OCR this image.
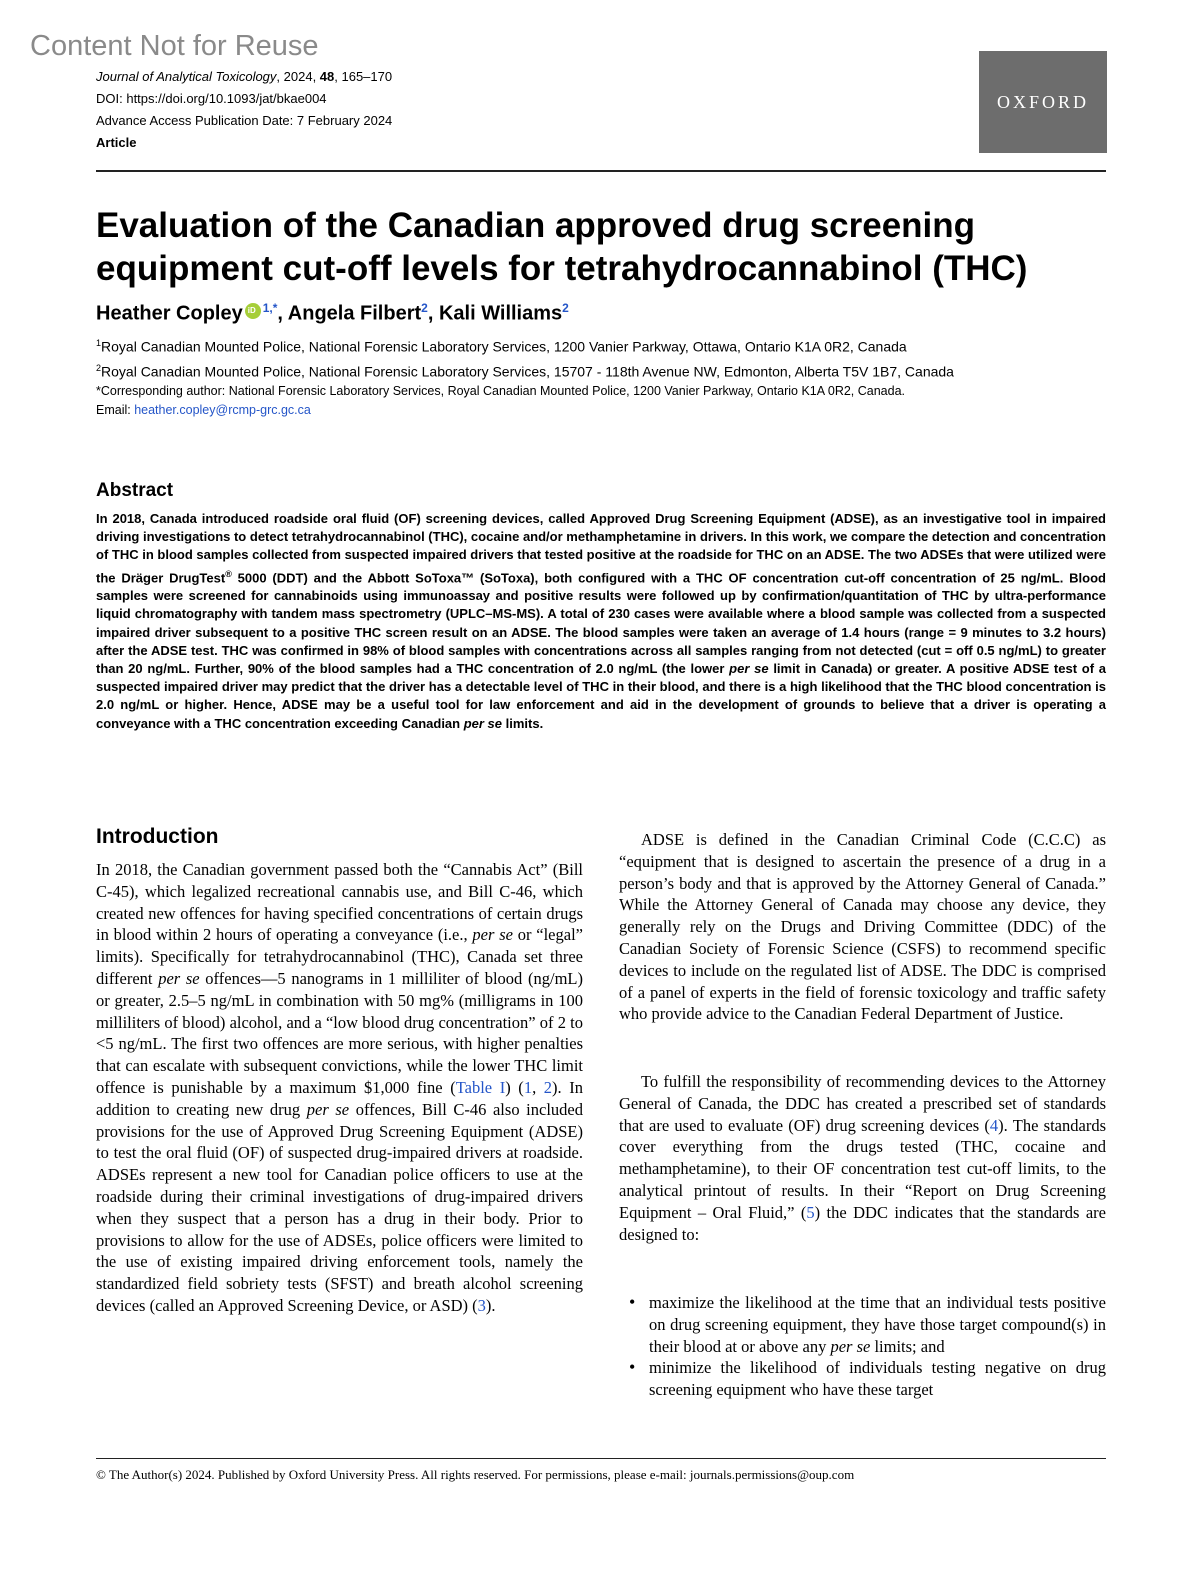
Content Not for Reuse
Journal of Analytical Toxicology, 2024, 48, 165–170
DOI: https://doi.org/10.1093/jat/bkae004
Advance Access Publication Date: 7 February 2024
Article
OXFORD
Evaluation of the Canadian approved drug screening equipment cut-off levels for tetrahydrocannabinol (THC)
Heather CopleyiD $^{1,*}$, Angela Filbert$^2$, Kali Williams$^2$
$^1$Royal Canadian Mounted Police, National Forensic Laboratory Services, 1200 Vanier Parkway, Ottawa, Ontario K1A 0R2, Canada
$^2$Royal Canadian Mounted Police, National Forensic Laboratory Services, 15707 - 118th Avenue NW, Edmonton, Alberta T5V 1B7, Canada
*Corresponding author: National Forensic Laboratory Services, Royal Canadian Mounted Police, 1200 Vanier Parkway, Ontario K1A 0R2, Canada.
Email: heather.copley@rcmp-grc.gc.ca
Abstract

In 2018, Canada introduced roadside oral fluid (OF) screening devices, called Approved Drug Screening Equipment (ADSE), as an investigative tool in impaired driving investigations to detect tetrahydrocannabinol (THC), cocaine and/or methamphetamine in drivers. In this work, we compare the detection and concentration of THC in blood samples collected from suspected impaired drivers that tested positive at the roadside for THC on an ADSE. The two ADSEs that were utilized were the Dräger DrugTest® 5000 (DDT) and the Abbott SoToxa™ (SoToxa), both configured with a THC OF concentration cut-off concentration of 25 ng/mL. Blood samples were screened for cannabinoids using immunoassay and positive results were followed up by confirmation/quantitation of THC by ultra-performance liquid chromatography with tandem mass spectrometry (UPLC–MS-MS). A total of 230 cases were available where a blood sample was collected from a suspected impaired driver subsequent to a positive THC screen result on an ADSE. The blood samples were taken an average of 1.4 hours (range = 9 minutes to 3.2 hours) after the ADSE test. THC was confirmed in 98% of blood samples with concentrations across all samples ranging from not detected (cut = off 0.5 ng/mL) to greater than 20 ng/mL. Further, 90% of the blood samples had a THC concentration of 2.0 ng/mL (the lower per se limit in Canada) or greater. A positive ADSE test of a suspected impaired driver may predict that the driver has a detectable level of THC in their blood, and there is a high likelihood that the THC blood concentration is 2.0 ng/mL or higher. Hence, ADSE may be a useful tool for law enforcement and aid in the development of grounds to believe that a driver is operating a conveyance with a THC concentration exceeding Canadian per se limits.

Introduction

In 2018, the Canadian government passed both the “Cannabis Act” (Bill C-45), which legalized recreational cannabis use, and Bill C-46, which created new offences for having specified concentrations of certain drugs in blood within 2 hours of operating a conveyance (i.e., per se or “legal” limits). Specifically for tetrahydrocannabinol (THC), Canada set three different per se offences—5 nanograms in 1 milliliter of blood (ng/mL) or greater, 2.5–5 ng/mL in combination with 50 mg% (milligrams in 100 milliliters of blood) alcohol, and a “low blood drug concentration” of 2 to <5 ng/mL. The first two offences are more serious, with higher penalties that can escalate with subsequent convictions, while the lower THC limit offence is punishable by a maximum $1,000 fine (Table I) (1, 2). In addition to creating new drug per se offences, Bill C-46 also included provisions for the use of Approved Drug Screening Equipment (ADSE) to test the oral fluid (OF) of suspected drug-impaired drivers at roadside. ADSEs represent a new tool for Canadian police officers to use at the roadside during their criminal investigations of drug-impaired drivers when they suspect that a person has a drug in their body. Prior to provisions to allow for the use of ADSEs, police officers were limited to the use of existing impaired driving enforcement tools, namely the standardized field sobriety tests (SFST) and breath alcohol screening devices (called an Approved Screening Device, or ASD) (3).

ADSE is defined in the Canadian Criminal Code (C.C.C) as “equipment that is designed to ascertain the presence of a drug in a person’s body and that is approved by the Attorney General of Canada.” While the Attorney General of Canada may choose any device, they generally rely on the Drugs and Driving Committee (DDC) of the Canadian Society of Forensic Science (CSFS) to recommend specific devices to include on the regulated list of ADSE. The DDC is comprised of a panel of experts in the field of forensic toxicology and traffic safety who provide advice to the Canadian Federal Department of Justice.

To fulfill the responsibility of recommending devices to the Attorney General of Canada, the DDC has created a prescribed set of standards that are used to evaluate (OF) drug screening devices (4). The standards cover everything from the drugs tested (THC, cocaine and methamphetamine), to their OF concentration test cut-off limits, to the analytical printout of results. In their “Report on Drug Screening Equipment – Oral Fluid,” (5) the DDC indicates that the standards are designed to:

• maximize the likelihood at the time that an individual tests positive on drug screening equipment, they have those target compound(s) in their blood at or above any per se limits; and
• minimize the likelihood of individuals testing negative on drug screening equipment who have these target
© The Author(s) 2024. Published by Oxford University Press. All rights reserved. For permissions, please e-mail: journals.permissions@oup.com
